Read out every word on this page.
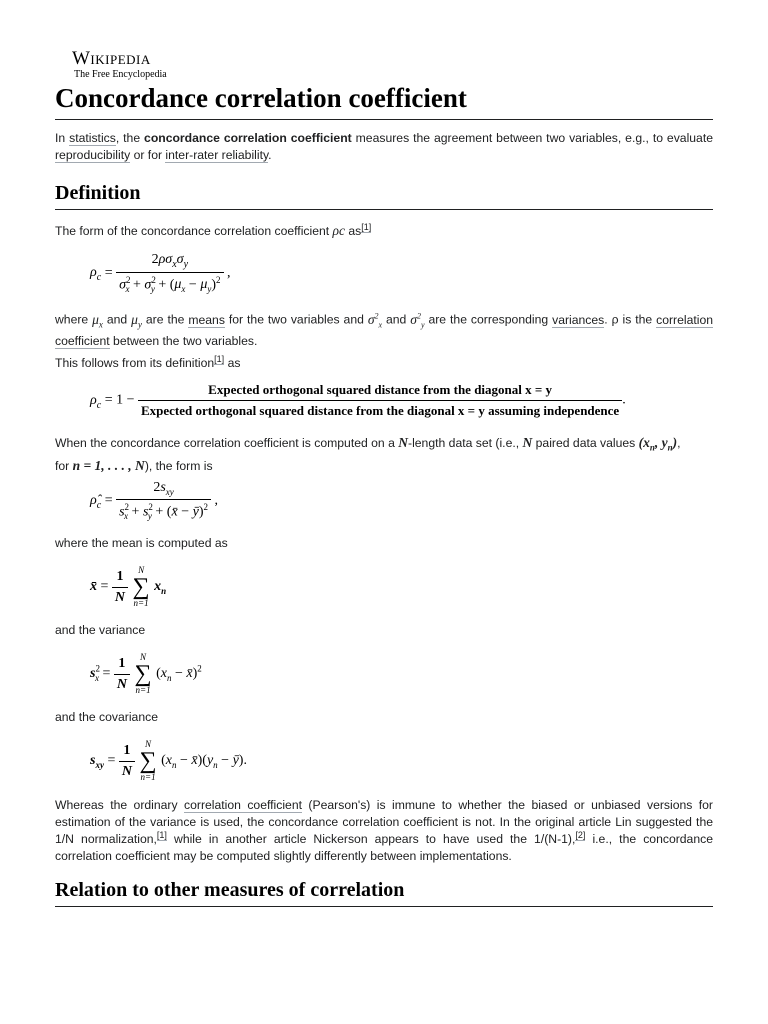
Wikipedia
The Free Encyclopedia
Concordance correlation coefficient
In statistics, the concordance correlation coefficient measures the agreement between two variables, e.g., to evaluate reproducibility or for inter-rater reliability.
Definition
The form of the concordance correlation coefficient ρc as[1]
$\rho_c = \frac{2\rho\sigma_x\sigma_y}{\sigma^2_x + \sigma^2_y + (\mu_x - \mu_y)^2}$ ,
where $\mu_x$ and $\mu_y$ are the means for the two variables and $\sigma^2_x$ and $\sigma^2_y$ are the corresponding variances. ρ is the correlation coefficient between the two variables.
This follows from its definition[1] as
$\rho_c = 1$ −
Expected orthogonal squared distance from the diagonal x = y
Expected orthogonal squared distance from the diagonal x = y assuming independence
.
When the concordance correlation coefficient is computed on a N-length data set (i.e., N paired data values ($x_n$, $y_n$),
for n = 1, . . . , N), the form is
$\rhô_c = \frac{2s_{xy}}{s^2_x + s^2_y + (x̄ - ȳ)^2}$ ,
where the mean is computed as
x̄ = $\frac{1}{N}$
	N
∑
n=1
$x_n$
and the variance
$s^2_x = \frac{1}{N}$
	N
∑
n=1
($x_n$ − x̄)$^2$
and the covariance
$s_{xy} = \frac{1}{N}$
	N
∑
n=1
($x_n$ − $x̄)(y_n$ − ȳ).
Whereas the ordinary correlation coefficient (Pearson's) is immune to whether the biased or unbiased versions for estimation of the variance is used, the concordance correlation coefficient is not. In the original article Lin suggested the 1/N normalization,[1] while in another article Nickerson appears to have used the 1/(N-1),[2] i.e., the concordance correlation coefficient may be computed slightly differently between implementations.
Relation to other measures of correlation
